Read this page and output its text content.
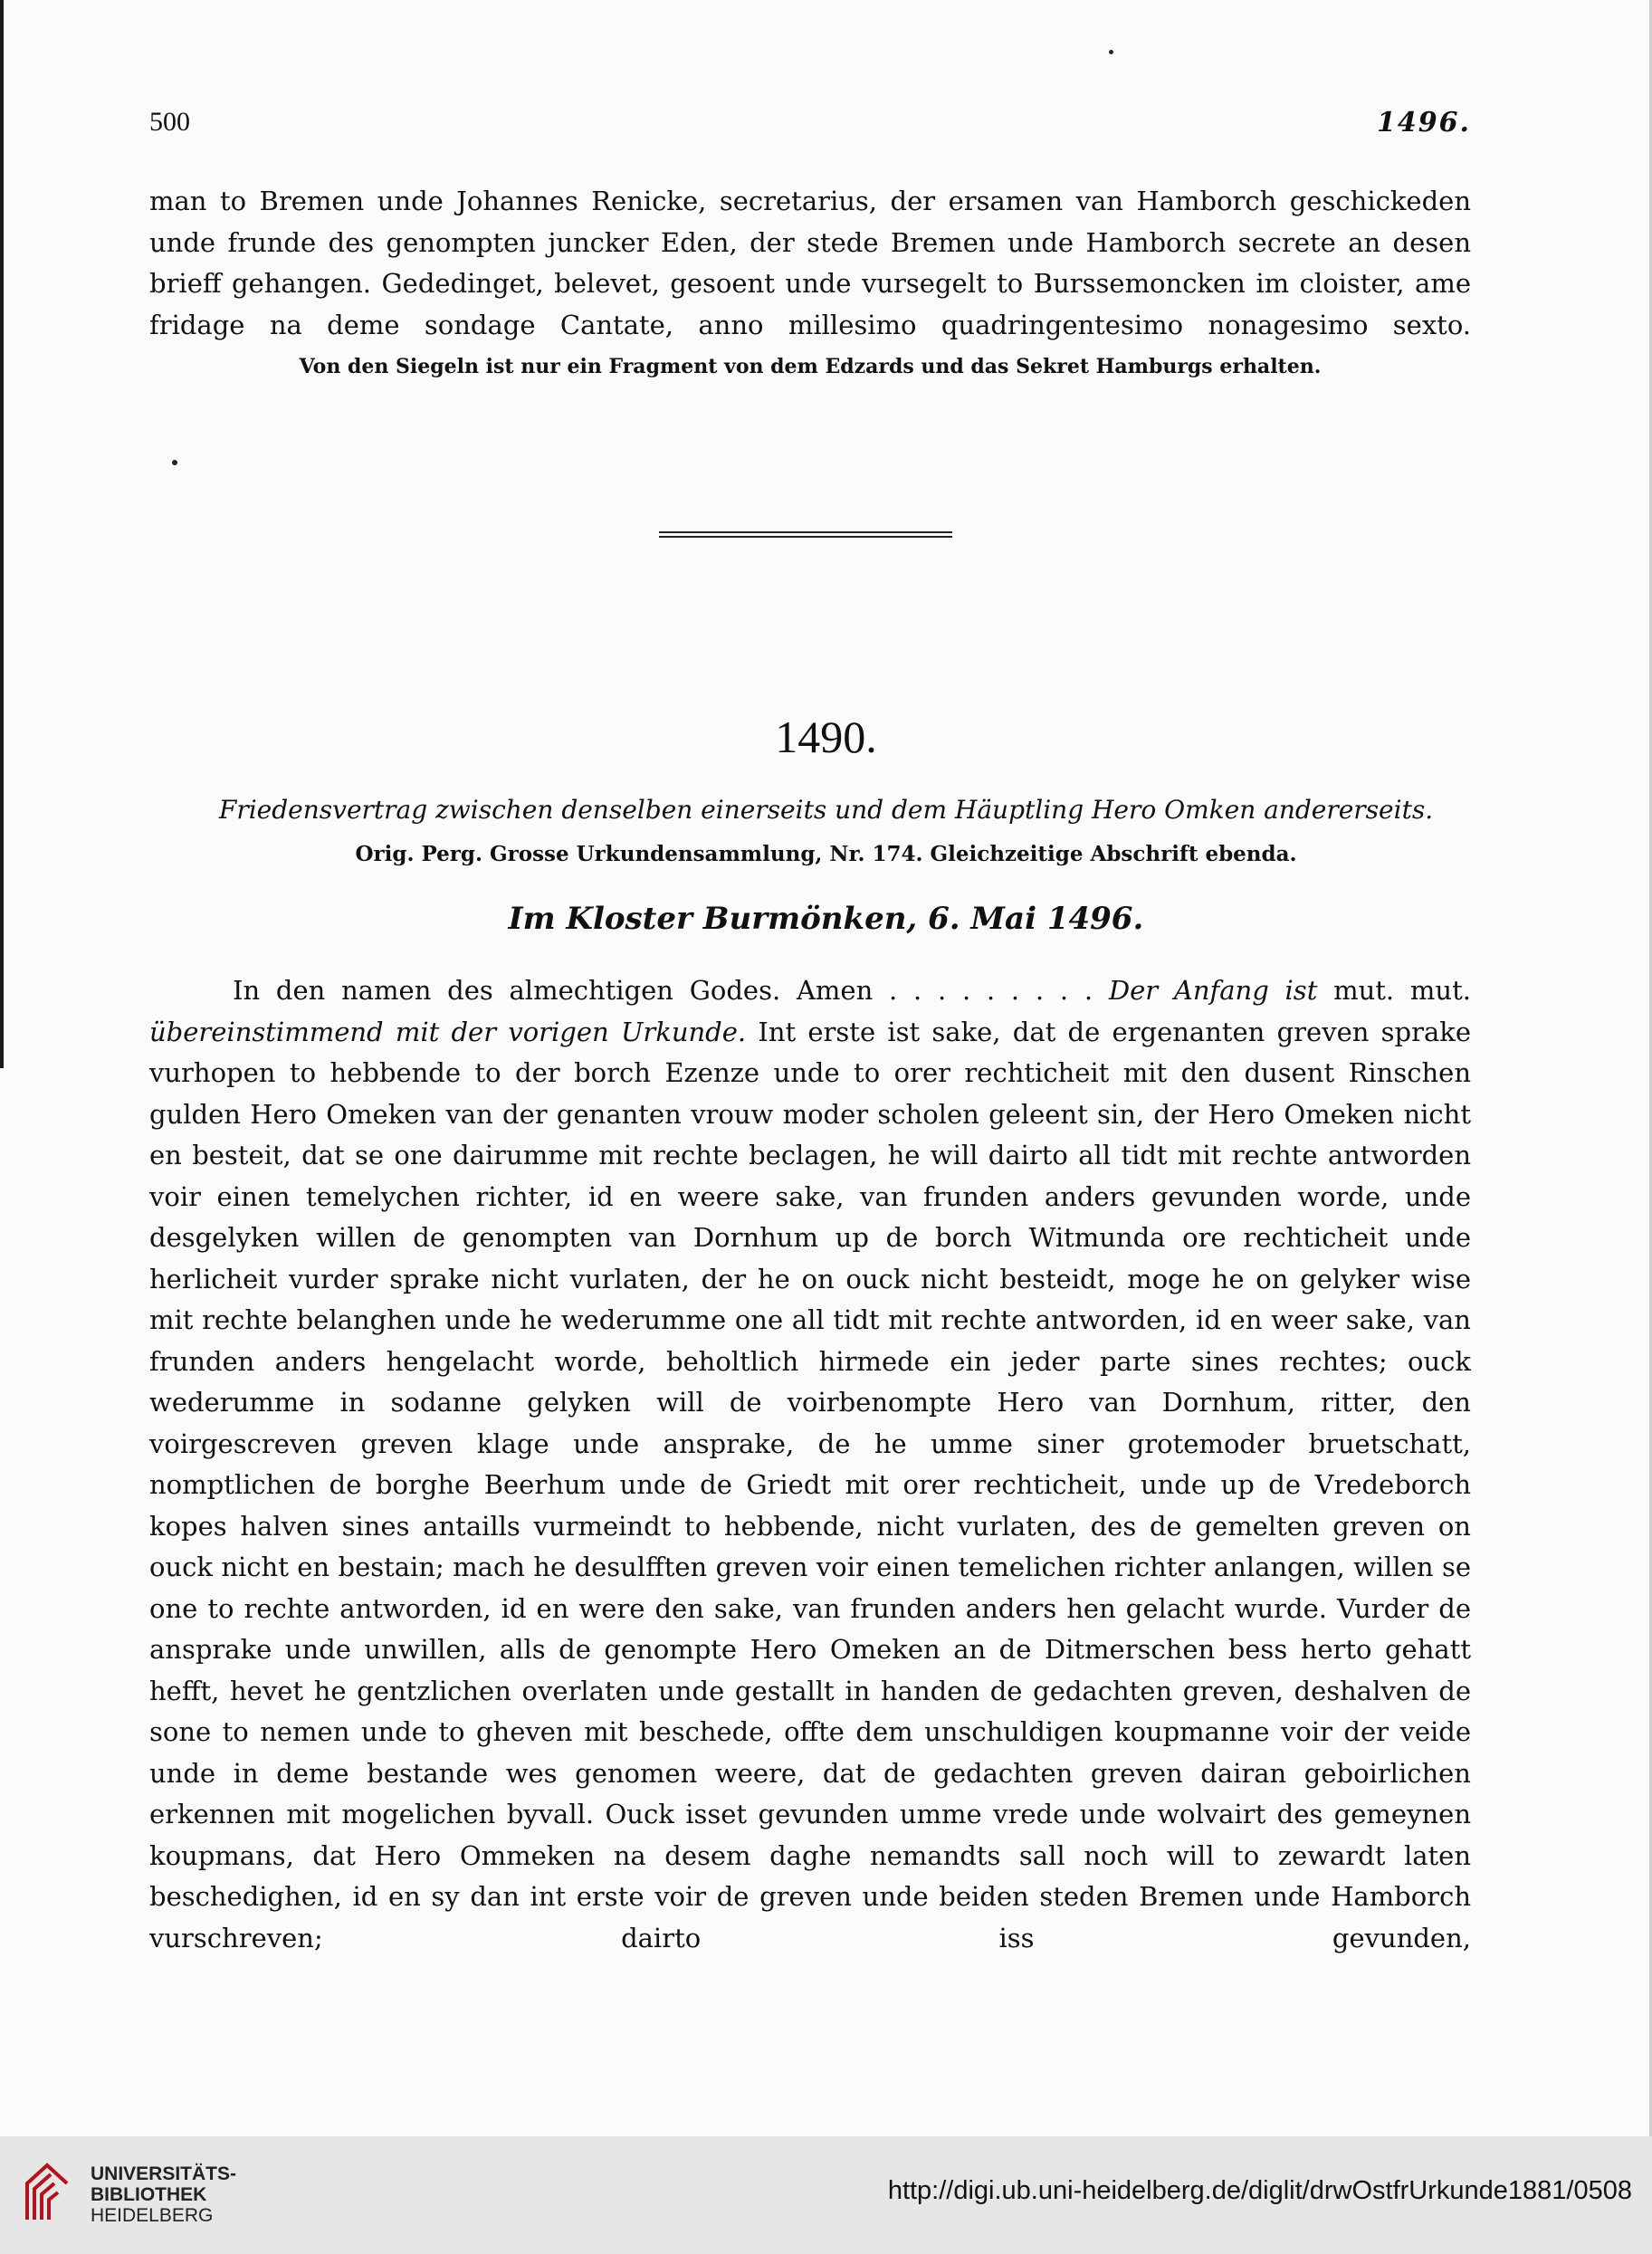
500	1496.

man to Bremen unde Johannes Renicke, secretarius, der ersamen van Hamborch geschickeden unde frunde des genompten juncker Eden, der stede Bremen unde Hamborch secrete an desen brieff gehangen. Gededinget, belevet, gesoent unde vursegelt to Burssemoncken im cloister, ame fridage na deme sondage Cantate, anno millesimo quadringentesimo nonagesimo sexto.

Von den Siegeln ist nur ein Fragment von dem Edzards und das Sekret Hamburgs erhalten.

1490.
Friedensvertrag zwischen denselben einerseits und dem Häuptling Hero Omken andererseits.
Orig. Perg. Grosse Urkundensammlung, Nr. 174. Gleichzeitige Abschrift ebenda.
Im Kloster Burmönken, 6. Mai 1496.

In den namen des almechtigen Godes. Amen . . . . . . . . . Der Anfang ist mut. mut. übereinstimmend mit der vorigen Urkunde. Int erste ist sake, dat de ergenanten greven sprake vurhopen to hebbende to der borch Ezenze unde to orer rechticheit mit den dusent Rinschen gulden Hero Omeken van der genanten vrouw moder scholen geleent sin, der Hero Omeken nicht en besteit, dat se one dairumme mit rechte beclagen, he will dairto all tidt mit rechte antworden voir einen temelychen richter, id en weere sake, van frunden anders gevunden worde, unde desgelyken willen de genompten van Dornhum up de borch Witmunda ore rechticheit unde herlicheit vurder sprake nicht vurlaten, der he on ouck nicht besteidt, moge he on gelyker wise mit rechte belanghen unde he wederumme one all tidt mit rechte antworden, id en weer sake, van frunden anders hengelacht worde, beholtlich hirmede ein jeder parte sines rechtes; ouck wederumme in sodanne gelyken will de voirbenompte Hero van Dornhum, ritter, den voirgescreven greven klage unde ansprake, de he umme siner grotemoder bruetschatt, nomptlichen de borghe Beerhum unde de Griedt mit orer rechticheit, unde up de Vredeborch kopes halven sines antaills vurmeindt to hebbende, nicht vurlaten, des de gemelten greven on ouck nicht en bestain; mach he desulfften greven voir einen temelichen richter anlangen, willen se one to rechte antworden, id en were den sake, van frunden anders hen gelacht wurde. Vurder de ansprake unde unwillen, alls de genompte Hero Omeken an de Ditmerschen bess herto gehatt hefft, hevet he gentzlichen overlaten unde gestallt in handen de gedachten greven, deshalven de sone to nemen unde to gheven mit beschede, offte dem unschuldigen koupmanne voir der veide unde in deme bestande wes genomen weere, dat de gedachten greven dairan geboirlichen erkennen mit mogelichen byvall. Ouck isset gevunden umme vrede unde wolvairt des gemeynen koupmans, dat Hero Ommeken na desem daghe nemandts sall noch will to zewardt laten beschedighen, id en sy dan int erste voir de greven unde beiden steden Bremen unde Hamborch vurschreven; dairto iss gevunden,

UNIVERSITÄTS-
BIBLIOTHEK
HEIDELBERG
http://digi.ub.uni-heidelberg.de/diglit/drwOstfrUrkunde1881/0508
